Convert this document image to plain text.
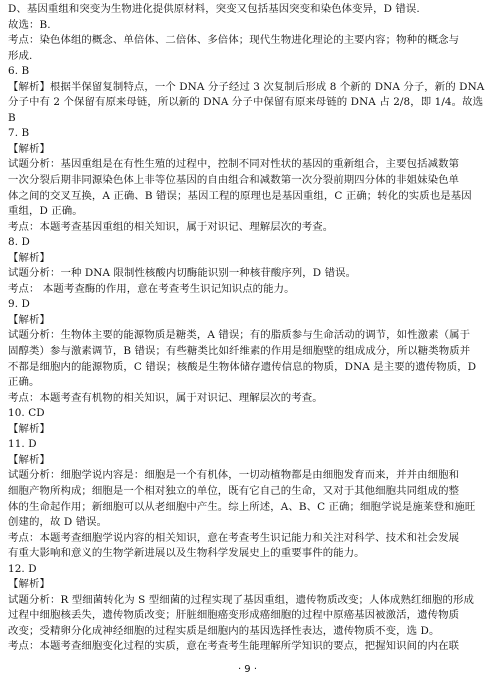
D、基因重组和突变为生物进化提供原材料，突变又包括基因突变和染色体变异，D 错误.
故选：B.
考点：染色体组的概念、单倍体、二倍体、多倍体；现代生物进化理论的主要内容；物种的概念与
形成.
6. B
【解析】根据半保留复制特点，一个 DNA 分子经过 3 次复制后形成 8 个新的 DNA 分子，新的 DNA
分子中有 2 个保留有原来母链，所以新的 DNA 分子中保留有原来母链的 DNA 占 2/8，即 1/4。故选
B
7. B
【解析】
试题分析：基因重组是在有性生殖的过程中，控制不同对性状的基因的重新组合，主要包括减数第
一次分裂后期非同源染色体上非等位基因的自由组合和减数第一次分裂前期四分体的非姐妹染色单
体之间的交叉互换，A 正确、B 错误；基因工程的原理也是基因重组，C 正确；转化的实质也是基因
重组，D 正确。
考点：本题考查基因重组的相关知识，属于对识记、理解层次的考查。
8. D
【解析】
试题分析：一种 DNA 限制性核酸内切酶能识别一种核苷酸序列，D 错误。
考点： 本题考查酶的作用，意在考查考生识记知识点的能力。
9. D
【解析】
试题分析：生物体主要的能源物质是糖类，A 错误；有的脂质参与生命活动的调节，如性激素（属于
固醇类）参与激素调节，B 错误；有些糖类比如纤维素的作用是细胞壁的组成成分，所以糖类物质并
不都是细胞内的能源物质，C 错误；核酸是生物体储存遗传信息的物质，DNA 是主要的遗传物质，D
正确。
考点：本题考查有机物的相关知识，属于对识记、理解层次的考查。
10. CD
【解析】
11. D
【解析】
试题分析：细胞学说内容是：细胞是一个有机体，一切动植物都是由细胞发育而来，并并由细胞和
细胞产物所构成；细胞是一个相对独立的单位，既有它自己的生命，又对于其他细胞共同组成的整
体的生命起作用；新细胞可以从老细胞中产生。综上所述，A、B、C 正确；细胞学说是施莱登和施旺
创建的，故 D 错误。
考点：本题考查细胞学说内容的相关知识，意在考查考生识记能力和关注对科学、技术和社会发展
有重大影响和意义的生物学新进展以及生物科学发展史上的重要事件的能力。
12. D
【解析】
试题分析：R 型细菌转化为 S 型细菌的过程实现了基因重组，遗传物质改变；人体成熟红细胞的形成
过程中细胞核丢失，遗传物质改变；肝脏细胞癌变形成癌细胞的过程中原癌基因被激活，遗传物质
改变；受精卵分化成神经细胞的过程实质是细胞内的基因选择性表达，遗传物质不变，选 D。
考点：本题考查细胞变化过程的实质，意在考查考生能理解所学知识的要点，把握知识间的内在联
· 9 ·
